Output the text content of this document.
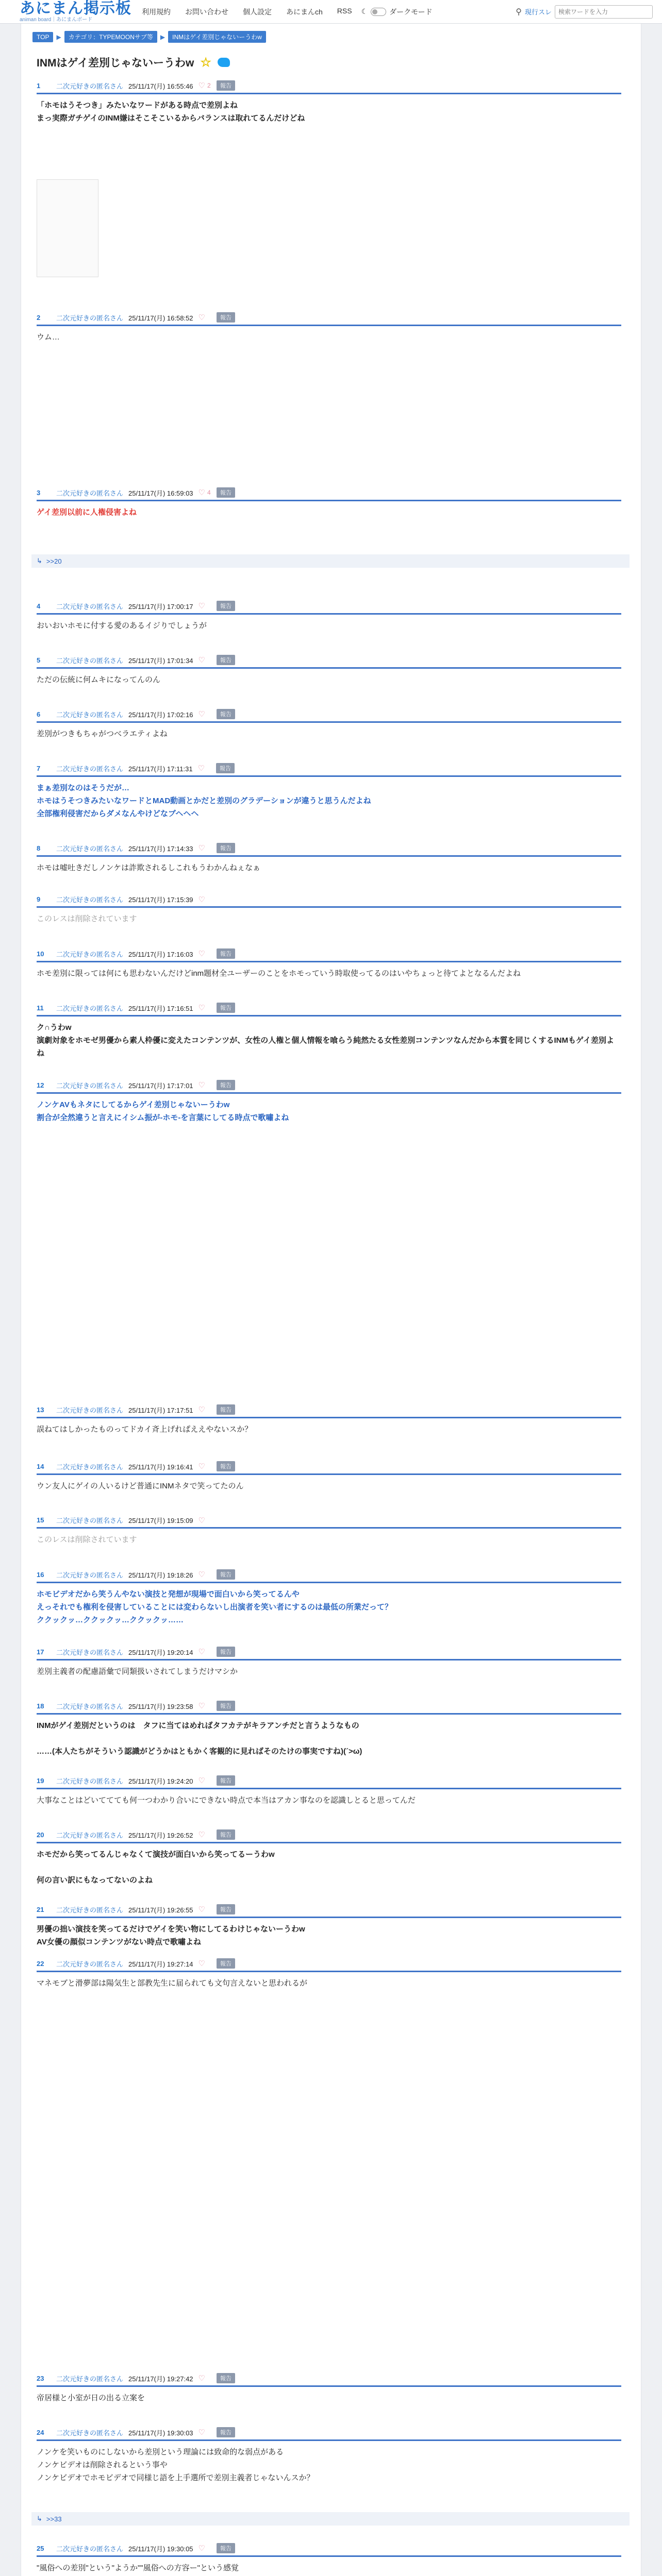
あにまん掲示板
animan board｜あにまんボード
利用規約 お問い合わせ 個人設定 あにまんch RSS ☾	ダークモード	⚲ 現行スレ
検索ワードを入力
TOP	▶	カテゴリ：TYPEMOONサブ等	▶	INMはゲイ差別じゃないーうわw
INMはゲイ差別じゃないーうわw ☆
1	二次元好きの匿名さん 25/11/17(月) 16:55:46 ♡ 2	報告
「ホモはうそつき」みたいなワードがある時点で差別よね
まっ実際ガチゲイのINM嫌はそこそこいるからバランスは取れてるんだけどね
2	二次元好きの匿名さん 25/11/17(月) 16:58:52 ♡	報告
ウム…
3	二次元好きの匿名さん 25/11/17(月) 16:59:03 ♡ 4	報告
ゲイ差別以前に人権侵害よね
4	二次元好きの匿名さん 25/11/17(月) 17:00:17 ♡	報告
おいおいホモに付する愛のあるイジりでしょうが
5	二次元好きの匿名さん 25/11/17(月) 17:01:34 ♡	報告
ただの伝統に何ムキになってんのん
6	二次元好きの匿名さん 25/11/17(月) 17:02:16 ♡	報告
差別がつきもちゃがつべラエティよね
7	二次元好きの匿名さん 25/11/17(月) 17:11:31 ♡	報告
まぁ差別なのはそうだが…
ホモはうそつきみたいなワードとMAD動画とかだと差別のグラデーションが違うと思うんだよね
全部権利侵害だからダメなんやけどなブヘヘヘ
8	二次元好きの匿名さん 25/11/17(月) 17:14:33 ♡	報告
ホモは嘘吐きだしノンケは詐欺されるしこれもうわかんねぇなぁ
9	二次元好きの匿名さん 25/11/17(月) 17:15:39 ♡
このレスは削除されています
10	二次元好きの匿名さん 25/11/17(月) 17:16:03 ♡	報告
ホモ差別に限っては何にも思わないんだけどinm題材全ユーザーのことをホモっていう時取使ってるのはいやちょっと待てよとなるんだよね
11	二次元好きの匿名さん 25/11/17(月) 17:16:51 ♡	報告
ク∩うわw
演劇対象をホモゼ男優から素人枠優に変えたコンテンツが、女性の人権と個人情報を喰らう純然たる女性差別コンテンツなんだから本質を同じくするINMもゲイ差別よね
12	二次元好きの匿名さん 25/11/17(月) 17:17:01 ♡	報告
ノンケAVもネタにしてるからゲイ差別じゃないーうわw
割合が全然違うと言えにイシム振が-ホモ-を言葉にしてる時点で歌嘯よね
13	二次元好きの匿名さん 25/11/17(月) 17:17:51 ♡	報告
誤ねてはしかったものってドカイ斉上げれぱええやないスか？
14	二次元好きの匿名さん 25/11/17(月) 19:16:41 ♡	報告
ウン友人にゲイの人いるけど普通にINMネタで笑ってたのん
15	二次元好きの匿名さん 25/11/17(月) 19:15:09 ♡
このレスは削除されています
16	二次元好きの匿名さん 25/11/17(月) 19:18:26 ♡	報告
ホモビデオだから笑うんやない演技と発想が現場で面白いから笑ってるんや
えっそれでも権利を侵害していることには変わらないし出演者を笑い者にするのは最低の所業だって？
ククックッ…ククックッ…ククックッ……
17	二次元好きの匿名さん 25/11/17(月) 19:20:14 ♡	報告
差別主義者の配慮語彙で同類扱いされてしまうだけマシか
18	二次元好きの匿名さん 25/11/17(月) 19:23:58 ♡	報告
INMがゲイ差別だというのは　タフに当てはめればタフカテがキラアンチだと言うようなもの

……(本人たちがそういう認識がどうかはともかく客観的に見ればそのたけの事実ですね)(´>ω)
19	二次元好きの匿名さん 25/11/17(月) 19:24:20 ♡	報告
大事なことはどいててても何一つわかり合いにできない時点で本当はアカン事なのを認識しとると思ってんだ
20	二次元好きの匿名さん 25/11/17(月) 19:26:52 ♡	報告
ホモだから笑ってるんじゃなくて演技が面白いから笑ってるーうわw

何の言い訳にもなってないのよね
21	二次元好きの匿名さん 25/11/17(月) 19:26:55 ♡	報告
男優の拙い演技を笑ってるだけでゲイを笑い物にしてるわけじゃないーうわw
AV女優の顔似コンテンツがない時点で歌嘯よね
22	二次元好きの匿名さん 25/11/17(月) 19:27:14 ♡	報告
マネモブと滑夢部は陽気生と部教先生に届られても文句言えないと思われるが
23	二次元好きの匿名さん 25/11/17(月) 19:27:42 ♡	報告
帝居様と小室が日の出る立案を
24	二次元好きの匿名さん 25/11/17(月) 19:30:03 ♡	報告
ノンケを笑いものにしないから差別という理論には致命的な弱点がある
ノンケビデオは削除されるという事や
ノンケビデオでホモビデオで同様じ語を上手選所で差別主義者じゃないんスか？
25	二次元好きの匿名さん 25/11/17(月) 19:30:05 ♡	報告
"風俗への差別"という"ようか""風俗への方容ー"という感覚

↳ >>20
↳ >>33
